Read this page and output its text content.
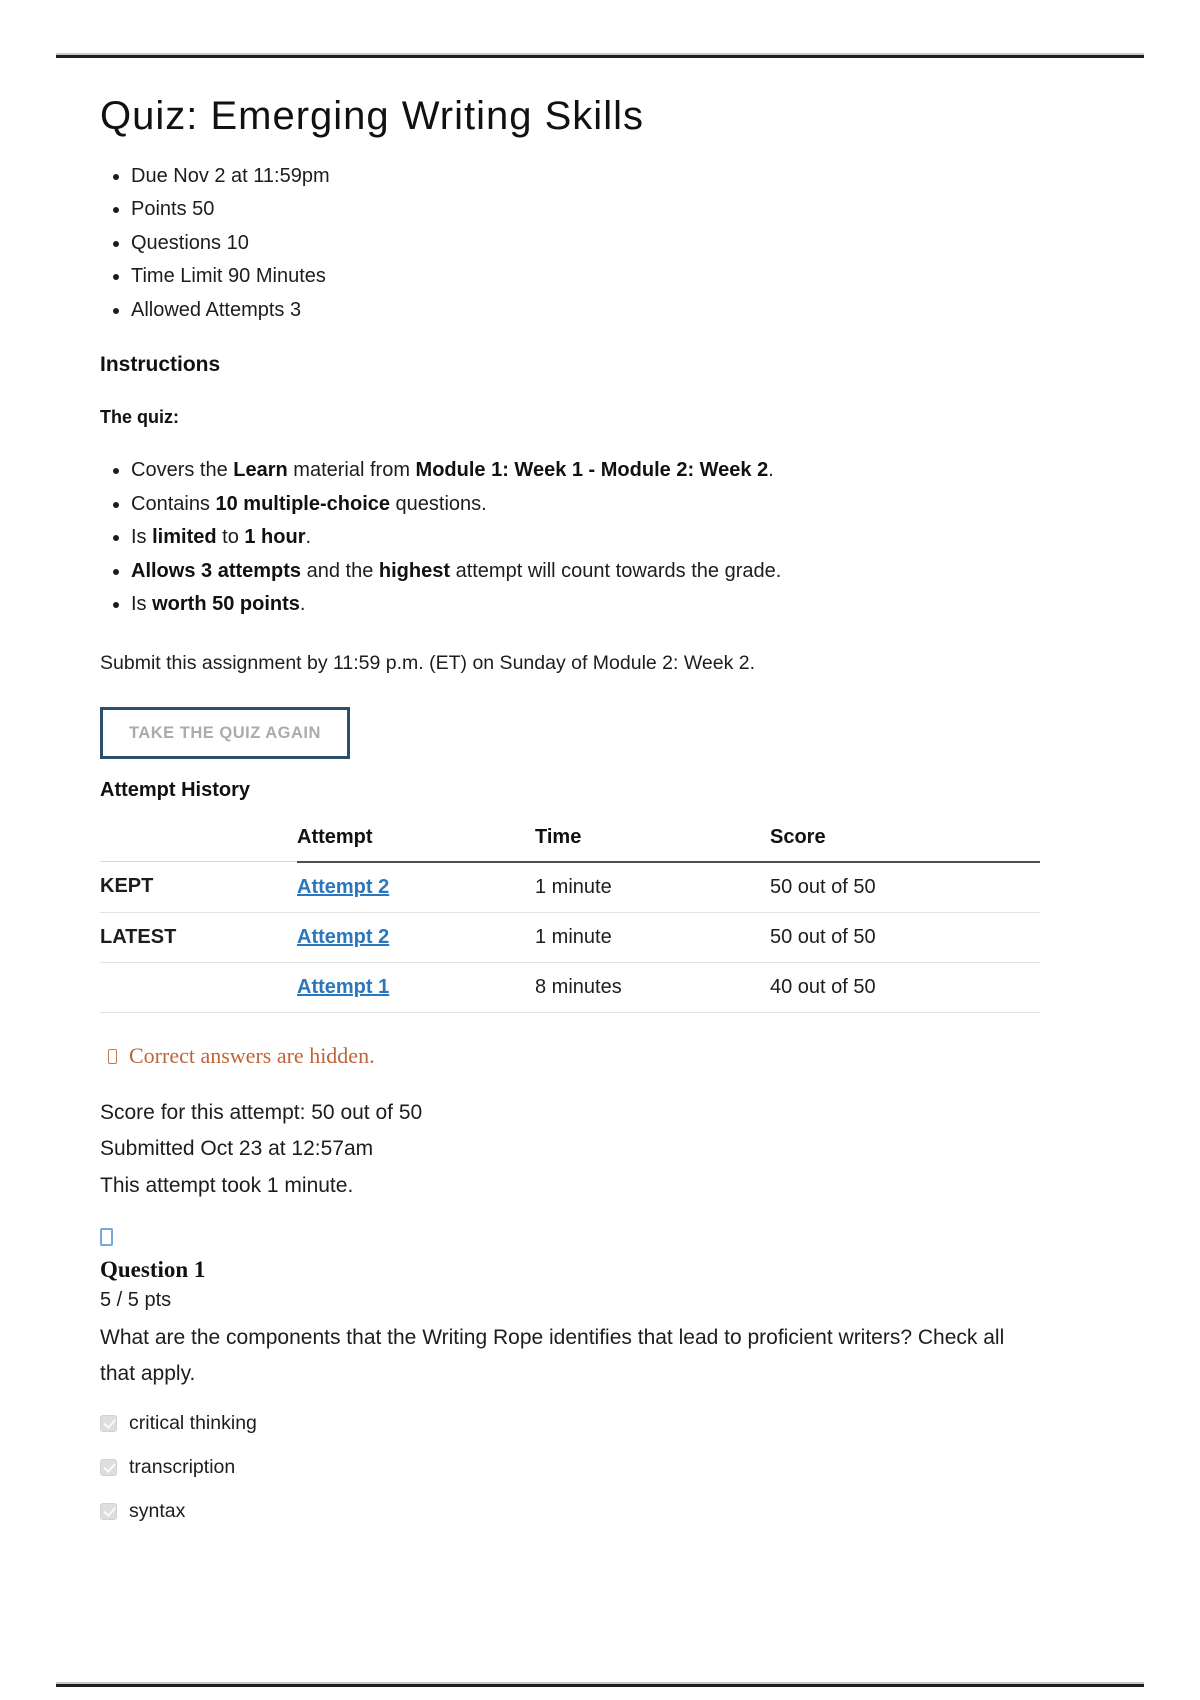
Quiz: Emerging Writing Skills
• Due Nov 2 at 11:59pm
• Points 50
• Questions 10
• Time Limit 90 Minutes
• Allowed Attempts 3
Instructions

The quiz:

• Covers the Learn material from Module 1: Week 1 - Module 2: Week 2.
• Contains 10 multiple-choice questions.
• Is limited to 1 hour.
• Allows 3 attempts and the highest attempt will count towards the grade.
• Is worth 50 points.

Submit this assignment by 11:59 p.m. (ET) on Sunday of Module 2: Week 2.

TAKE THE QUIZ AGAIN
Attempt History
	Attempt	Time	Score
KEPT	Attempt 2	1 minute	50 out of 50
LATEST	Attempt 2	1 minute	50 out of 50
	Attempt 1	8 minutes	40 out of 50

Correct answers are hidden.

Score for this attempt: 50 out of 50

Submitted Oct 23 at 12:57am

This attempt took 1 minute.

Question 1

5 / 5 pts

What are the components that the Writing Rope identifies that lead to proficient writers? Check all that apply.

critical thinking
transcription
syntax
